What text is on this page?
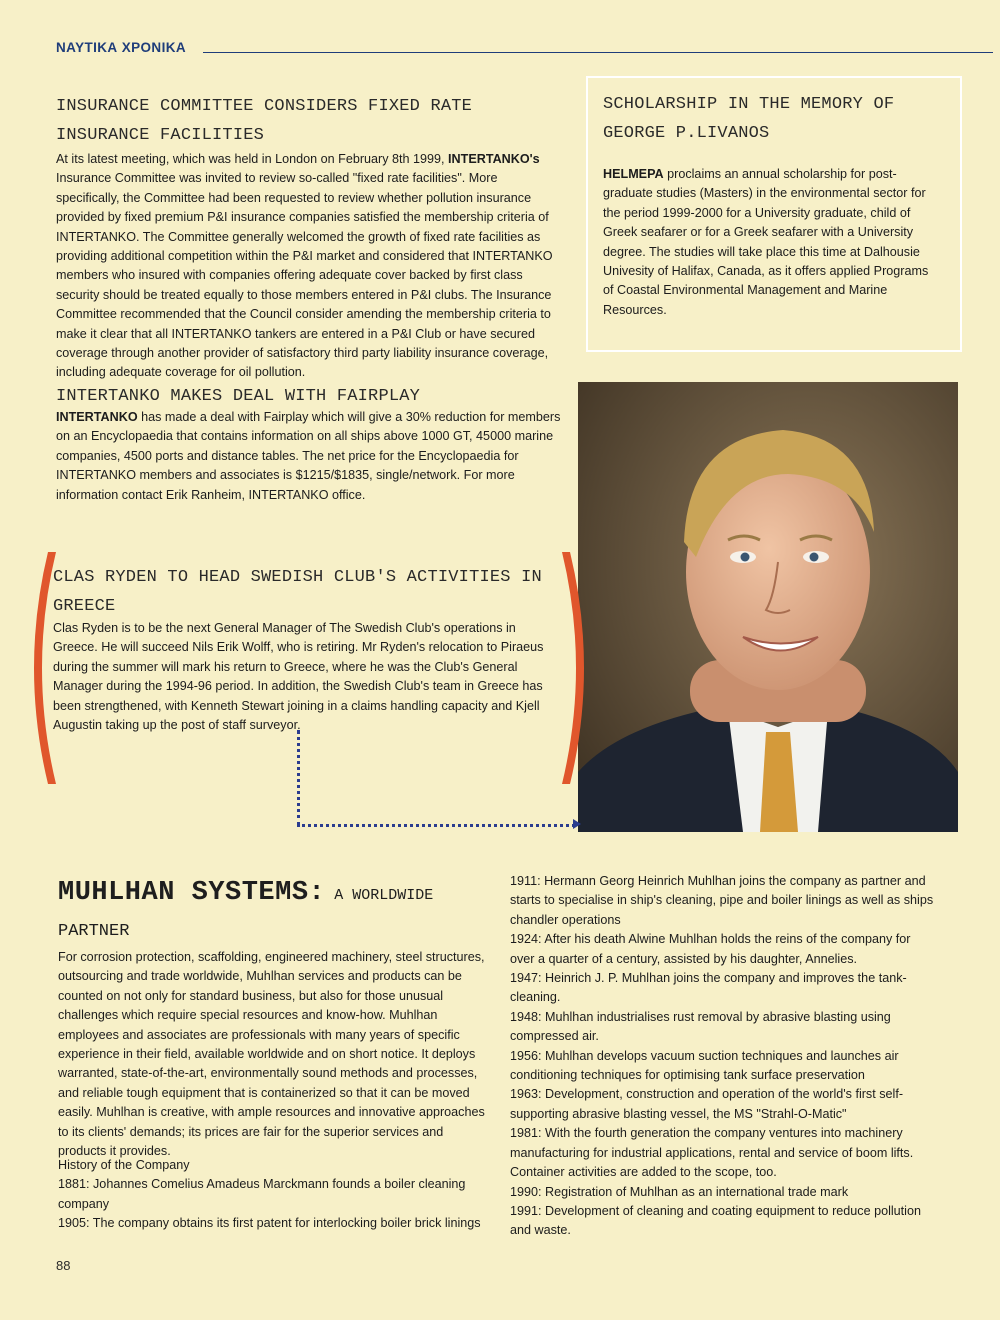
ΝΑΥΤΙΚΑ ΧΡΟΝΙΚΑ
INSURANCE COMMITTEE CONSIDERS FIXED RATE INSURANCE FACILITIES
At its latest meeting, which was held in London on February 8th 1999, INTERTANKO's Insurance Committee was invited to review so-called "fixed rate facilities". More specifically, the Committee had been requested to review whether pollution insurance provided by fixed premium P&I insurance companies satisfied the membership criteria of INTERTANKO. The Committee generally welcomed the growth of fixed rate facilities as providing additional competition within the P&I market and considered that INTERTANKO members who insured with companies offering adequate cover backed by first class security should be treated equally to those members entered in P&I clubs. The Insurance Committee recommended that the Council consider amending the membership criteria to make it clear that all INTERTANKO tankers are entered in a P&I Club or have secured coverage through another provider of satisfactory third party liability insurance coverage, including adequate coverage for oil pollution.
SCHOLARSHIP IN THE MEMORY OF GEORGE P.LIVANOS
HELMEPA proclaims an annual scholarship for post-graduate studies (Masters) in the environmental sector for the period 1999-2000 for a University graduate, child of Greek seafarer or for a Greek seafarer with a University degree. The studies will take place this time at Dalhousie Univesity of Halifax, Canada, as it offers applied Programs of Coastal Environmental Management and Marine Resources.
INTERTANKO MAKES DEAL WITH FAIRPLAY
INTERTANKO has made a deal with Fairplay which will give a 30% reduction for members on an Encyclopaedia that contains information on all ships above 1000 GT, 45000 marine companies, 4500 ports and distance tables. The net price for the Encyclopaedia for INTERTANKO members and associates is $1215/$1835, single/network. For more information contact Erik Ranheim, INTERTANKO office.
CLAS RYDEN TO HEAD SWEDISH CLUB'S ACTIVITIES IN GREECE
Clas Ryden is to be the next General Manager of The Swedish Club's operations in Greece. He will succeed Nils Erik Wolff, who is retiring. Mr Ryden's relocation to Piraeus during the summer will mark his return to Greece, where he was the Club's General Manager during the 1994-96 period. In addition, the Swedish Club's team in Greece has been strengthened, with Kenneth Stewart joining in a claims handling capacity and Kjell Augustin taking up the post of staff surveyor.
MUHLHAN SYSTEMS: A WORLDWIDE
PARTNER
For corrosion protection, scaffolding, engineered machinery, steel structures, outsourcing and trade worldwide, Muhlhan services and products can be counted on not only for standard business, but also for those unusual challenges which require special resources and know-how. Muhlhan employees and associates are professionals with many years of specific experience in their field, available worldwide and on short notice. It deploys warranted, state-of-the-art, environmentally sound methods and processes, and reliable tough equipment that is containerized so that it can be moved easily. Muhlhan is creative, with ample resources and innovative approaches to its clients' demands; its prices are fair for the superior services and products it provides.
History of the Company
1881: Johannes Comelius Amadeus Marckmann founds a boiler cleaning company
1905: The company obtains its first patent for interlocking boiler brick linings
1911: Hermann Georg Heinrich Muhlhan joins the company as partner and starts to specialise in ship's cleaning, pipe and boiler linings as well as ships chandler operations
1924: After his death Alwine Muhlhan holds the reins of the company for over a quarter of a century, assisted by his daughter, Annelies.
1947: Heinrich J. P. Muhlhan joins the company and improves the tank-cleaning.
1948: Muhlhan industrialises rust removal by abrasive blasting using compressed air.
1956: Muhlhan develops vacuum suction techniques and launches air conditioning techniques for optimising tank surface preservation
1963: Development, construction and operation of the world's first self-supporting abrasive blasting vessel, the MS "Strahl-O-Matic"
1981: With the fourth generation the company ventures into machinery manufacturing for industrial applications, rental and service of boom lifts. Container activities are added to the scope, too.
1990: Registration of Muhlhan as an international trade mark
1991: Development of cleaning and coating equipment to reduce pollution and waste.
88
